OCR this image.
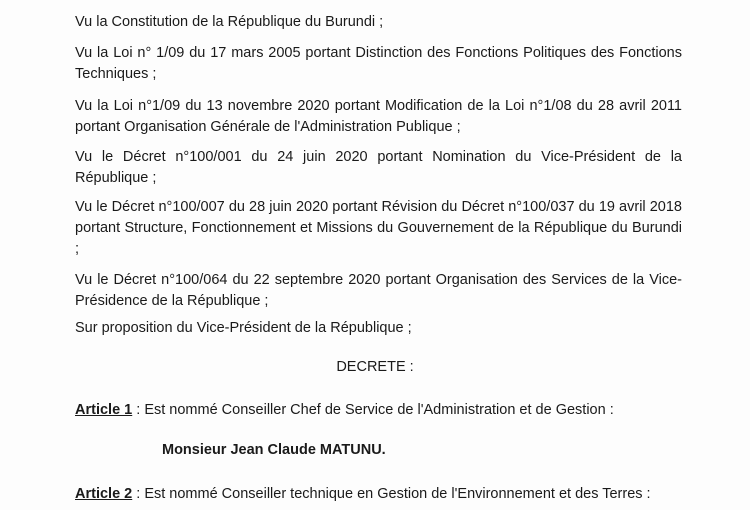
Vu la Constitution de la République du Burundi ;

Vu la Loi n° 1/09 du 17 mars 2005 portant Distinction des Fonctions Politiques des Fonctions Techniques ;

Vu la Loi n°1/09 du 13 novembre 2020 portant Modification de la Loi n°1/08 du 28 avril 2011 portant Organisation Générale de l'Administration Publique ;

Vu le Décret n°100/001 du 24 juin 2020 portant Nomination du Vice-Président de la République ;

Vu le Décret n°100/007 du 28 juin 2020 portant Révision du Décret n°100/037 du 19 avril 2018 portant Structure, Fonctionnement et Missions du Gouvernement de la République du Burundi ;

Vu le Décret n°100/064 du 22 septembre 2020 portant Organisation des Services de la Vice-Présidence de la République ;

Sur proposition du Vice-Président de la République ;

DECRETE :

Article 1 : Est nommé Conseiller Chef de Service de l'Administration et de Gestion :

Monsieur Jean Claude MATUNU.

Article 2 : Est nommé Conseiller technique en Gestion de l'Environnement et des Terres :
